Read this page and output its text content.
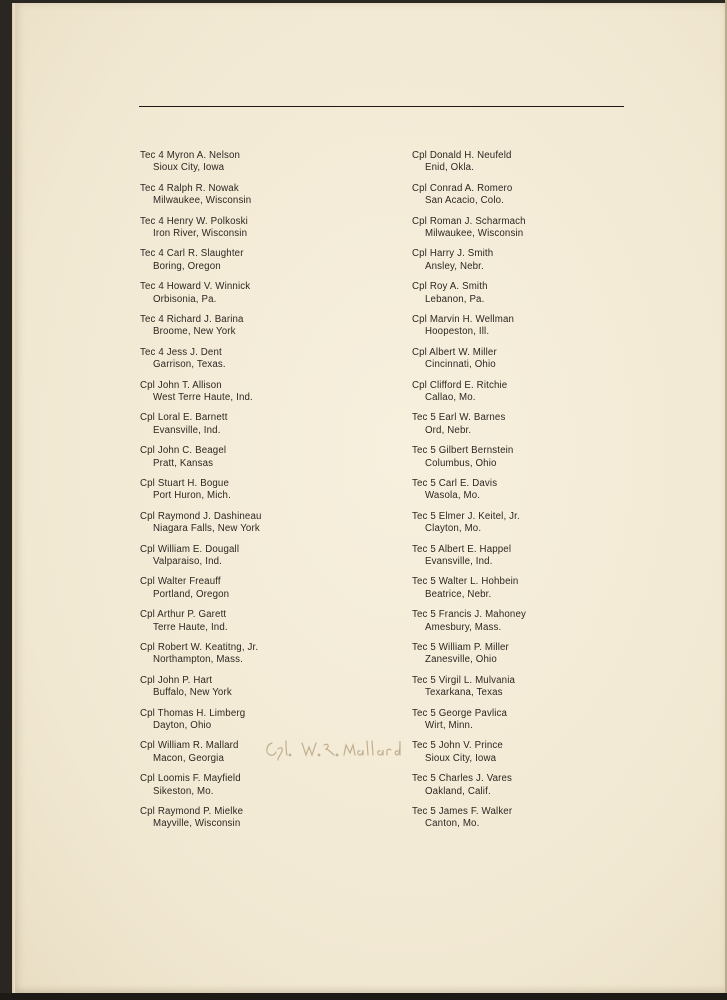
Tec 4 Myron A. Nelson
Sioux City, Iowa
Tec 4 Ralph R. Nowak
Milwaukee, Wisconsin
Tec 4 Henry W. Polkoski
Iron River, Wisconsin
Tec 4 Carl R. Slaughter
Boring, Oregon
Tec 4 Howard V. Winnick
Orbisonia, Pa.
Tec 4 Richard J. Barina
Broome, New York
Tec 4 Jess J. Dent
Garrison, Texas.
Cpl John T. Allison
West Terre Haute, Ind.
Cpl Loral E. Barnett
Evansville, Ind.
Cpl John C. Beagel
Pratt, Kansas
Cpl Stuart H. Bogue
Port Huron, Mich.
Cpl Raymond J. Dashineau
Niagara Falls, New York
Cpl William E. Dougall
Valparaiso, Ind.
Cpl Walter Freauff
Portland, Oregon
Cpl Arthur P. Garett
Terre Haute, Ind.
Cpl Robert W. Keatitng, Jr.
Northampton, Mass.
Cpl John P. Hart
Buffalo, New York
Cpl Thomas H. Limberg
Dayton, Ohio
Cpl William R. Mallard
Macon, Georgia
Cpl Loomis F. Mayfield
Sikeston, Mo.
Cpl Raymond P. Mielke
Mayville, Wisconsin
Cpl Donald H. Neufeld
Enid, Okla.
Cpl Conrad A. Romero
San Acacio, Colo.
Cpl Roman J. Scharmach
Milwaukee, Wisconsin
Cpl Harry J. Smith
Ansley, Nebr.
Cpl Roy A. Smith
Lebanon, Pa.
Cpl Marvin H. Wellman
Hoopeston, Ill.
Cpl Albert W. Miller
Cincinnati, Ohio
Cpl Clifford E. Ritchie
Callao, Mo.
Tec 5 Earl W. Barnes
Ord, Nebr.
Tec 5 Gilbert Bernstein
Columbus, Ohio
Tec 5 Carl E. Davis
Wasola, Mo.
Tec 5 Elmer J. Keitel, Jr.
Clayton, Mo.
Tec 5 Albert E. Happel
Evansville, Ind.
Tec 5 Walter L. Hohbein
Beatrice, Nebr.
Tec 5 Francis J. Mahoney
Amesbury, Mass.
Tec 5 William P. Miller
Zanesville, Ohio
Tec 5 Virgil L. Mulvania
Texarkana, Texas
Tec 5 George Pavlica
Wirt, Minn.
Tec 5 John V. Prince
Sioux City, Iowa
Tec 5 Charles J. Vares
Oakland, Calif.
Tec 5 James F. Walker
Canton, Mo.
